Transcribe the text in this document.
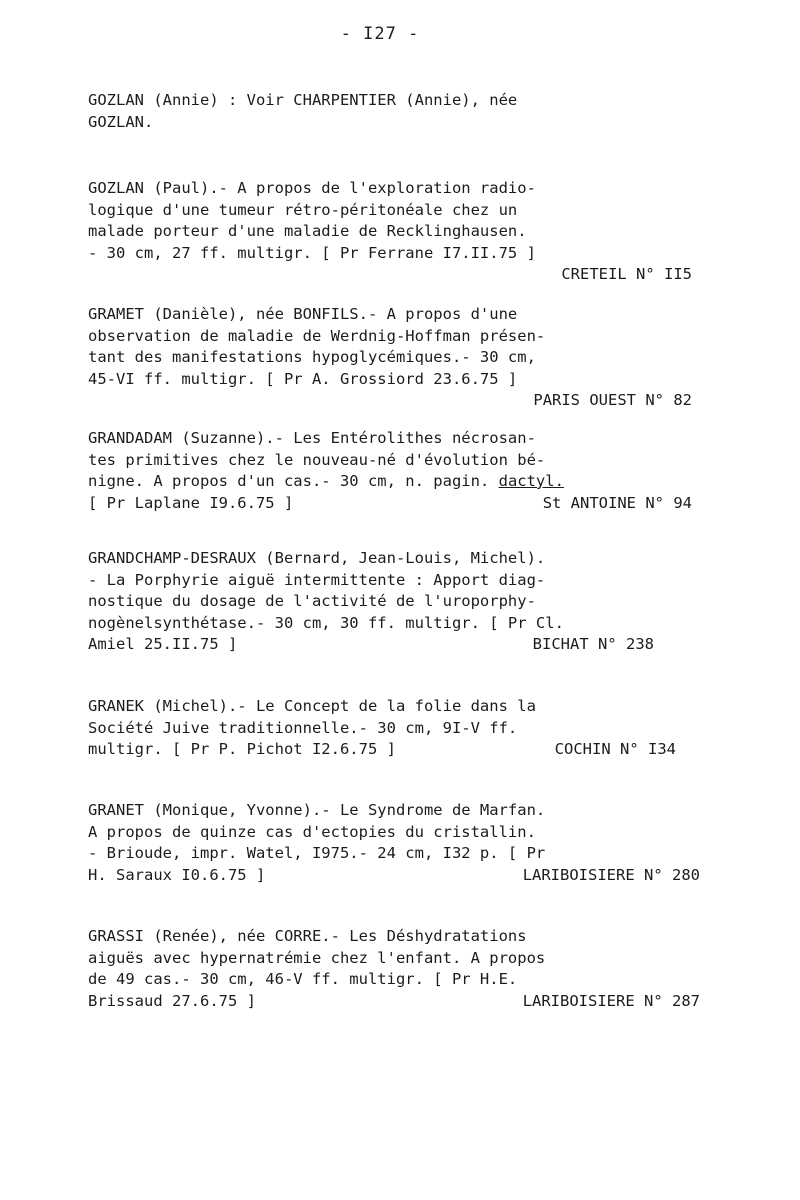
- I27 -
GOZLAN (Annie) : Voir CHARPENTIER (Annie), née
GOZLAN.
GOZLAN (Paul).- A propos de l'exploration radio-
logique d'une tumeur rétro-péritonéale chez un
malade porteur d'une maladie de Recklinghausen.
- 30 cm, 27 ff. multigr. [ Pr Ferrane I7.II.75 ]
CRETEIL N° II5
GRAMET (Danièle), née BONFILS.- A propos d'une
observation de maladie de Werdnig-Hoffman présen-
tant des manifestations hypoglycémiques.- 30 cm,
45-VI ff. multigr. [ Pr A. Grossiord 23.6.75 ]
PARIS OUEST N° 82
GRANDADAM (Suzanne).- Les Entérolithes nécrosan-
tes primitives chez le nouveau-né d'évolution bé-
nigne. A propos d'un cas.- 30 cm, n. pagin. dactyl.
[ Pr Laplane I9.6.75 ]	St ANTOINE N° 94
GRANDCHAMP-DESRAUX (Bernard, Jean-Louis, Michel).
- La Porphyrie aiguë intermittente : Apport diag-
nostique du dosage de l'activité de l'uroporphy-
nogènelsynthétase.- 30 cm, 30 ff. multigr. [ Pr Cl.
Amiel 25.II.75 ]	BICHAT N° 238
GRANEK (Michel).- Le Concept de la folie dans la
Société Juive traditionnelle.- 30 cm, 9I-V ff.
multigr. [ Pr P. Pichot I2.6.75 ]	COCHIN N° I34
GRANET (Monique, Yvonne).- Le Syndrome de Marfan.
A propos de quinze cas d'ectopies du cristallin.
- Brioude, impr. Watel, I975.- 24 cm, I32 p. [ Pr
H. Saraux I0.6.75 ]	LARIBOISIERE N° 280
GRASSI (Renée), née CORRE.- Les Déshydratations
aiguës avec hypernatrémie chez l'enfant. A propos
de 49 cas.- 30 cm, 46-V ff. multigr. [ Pr H.E.
Brissaud 27.6.75 ]	LARIBOISIERE N° 287
